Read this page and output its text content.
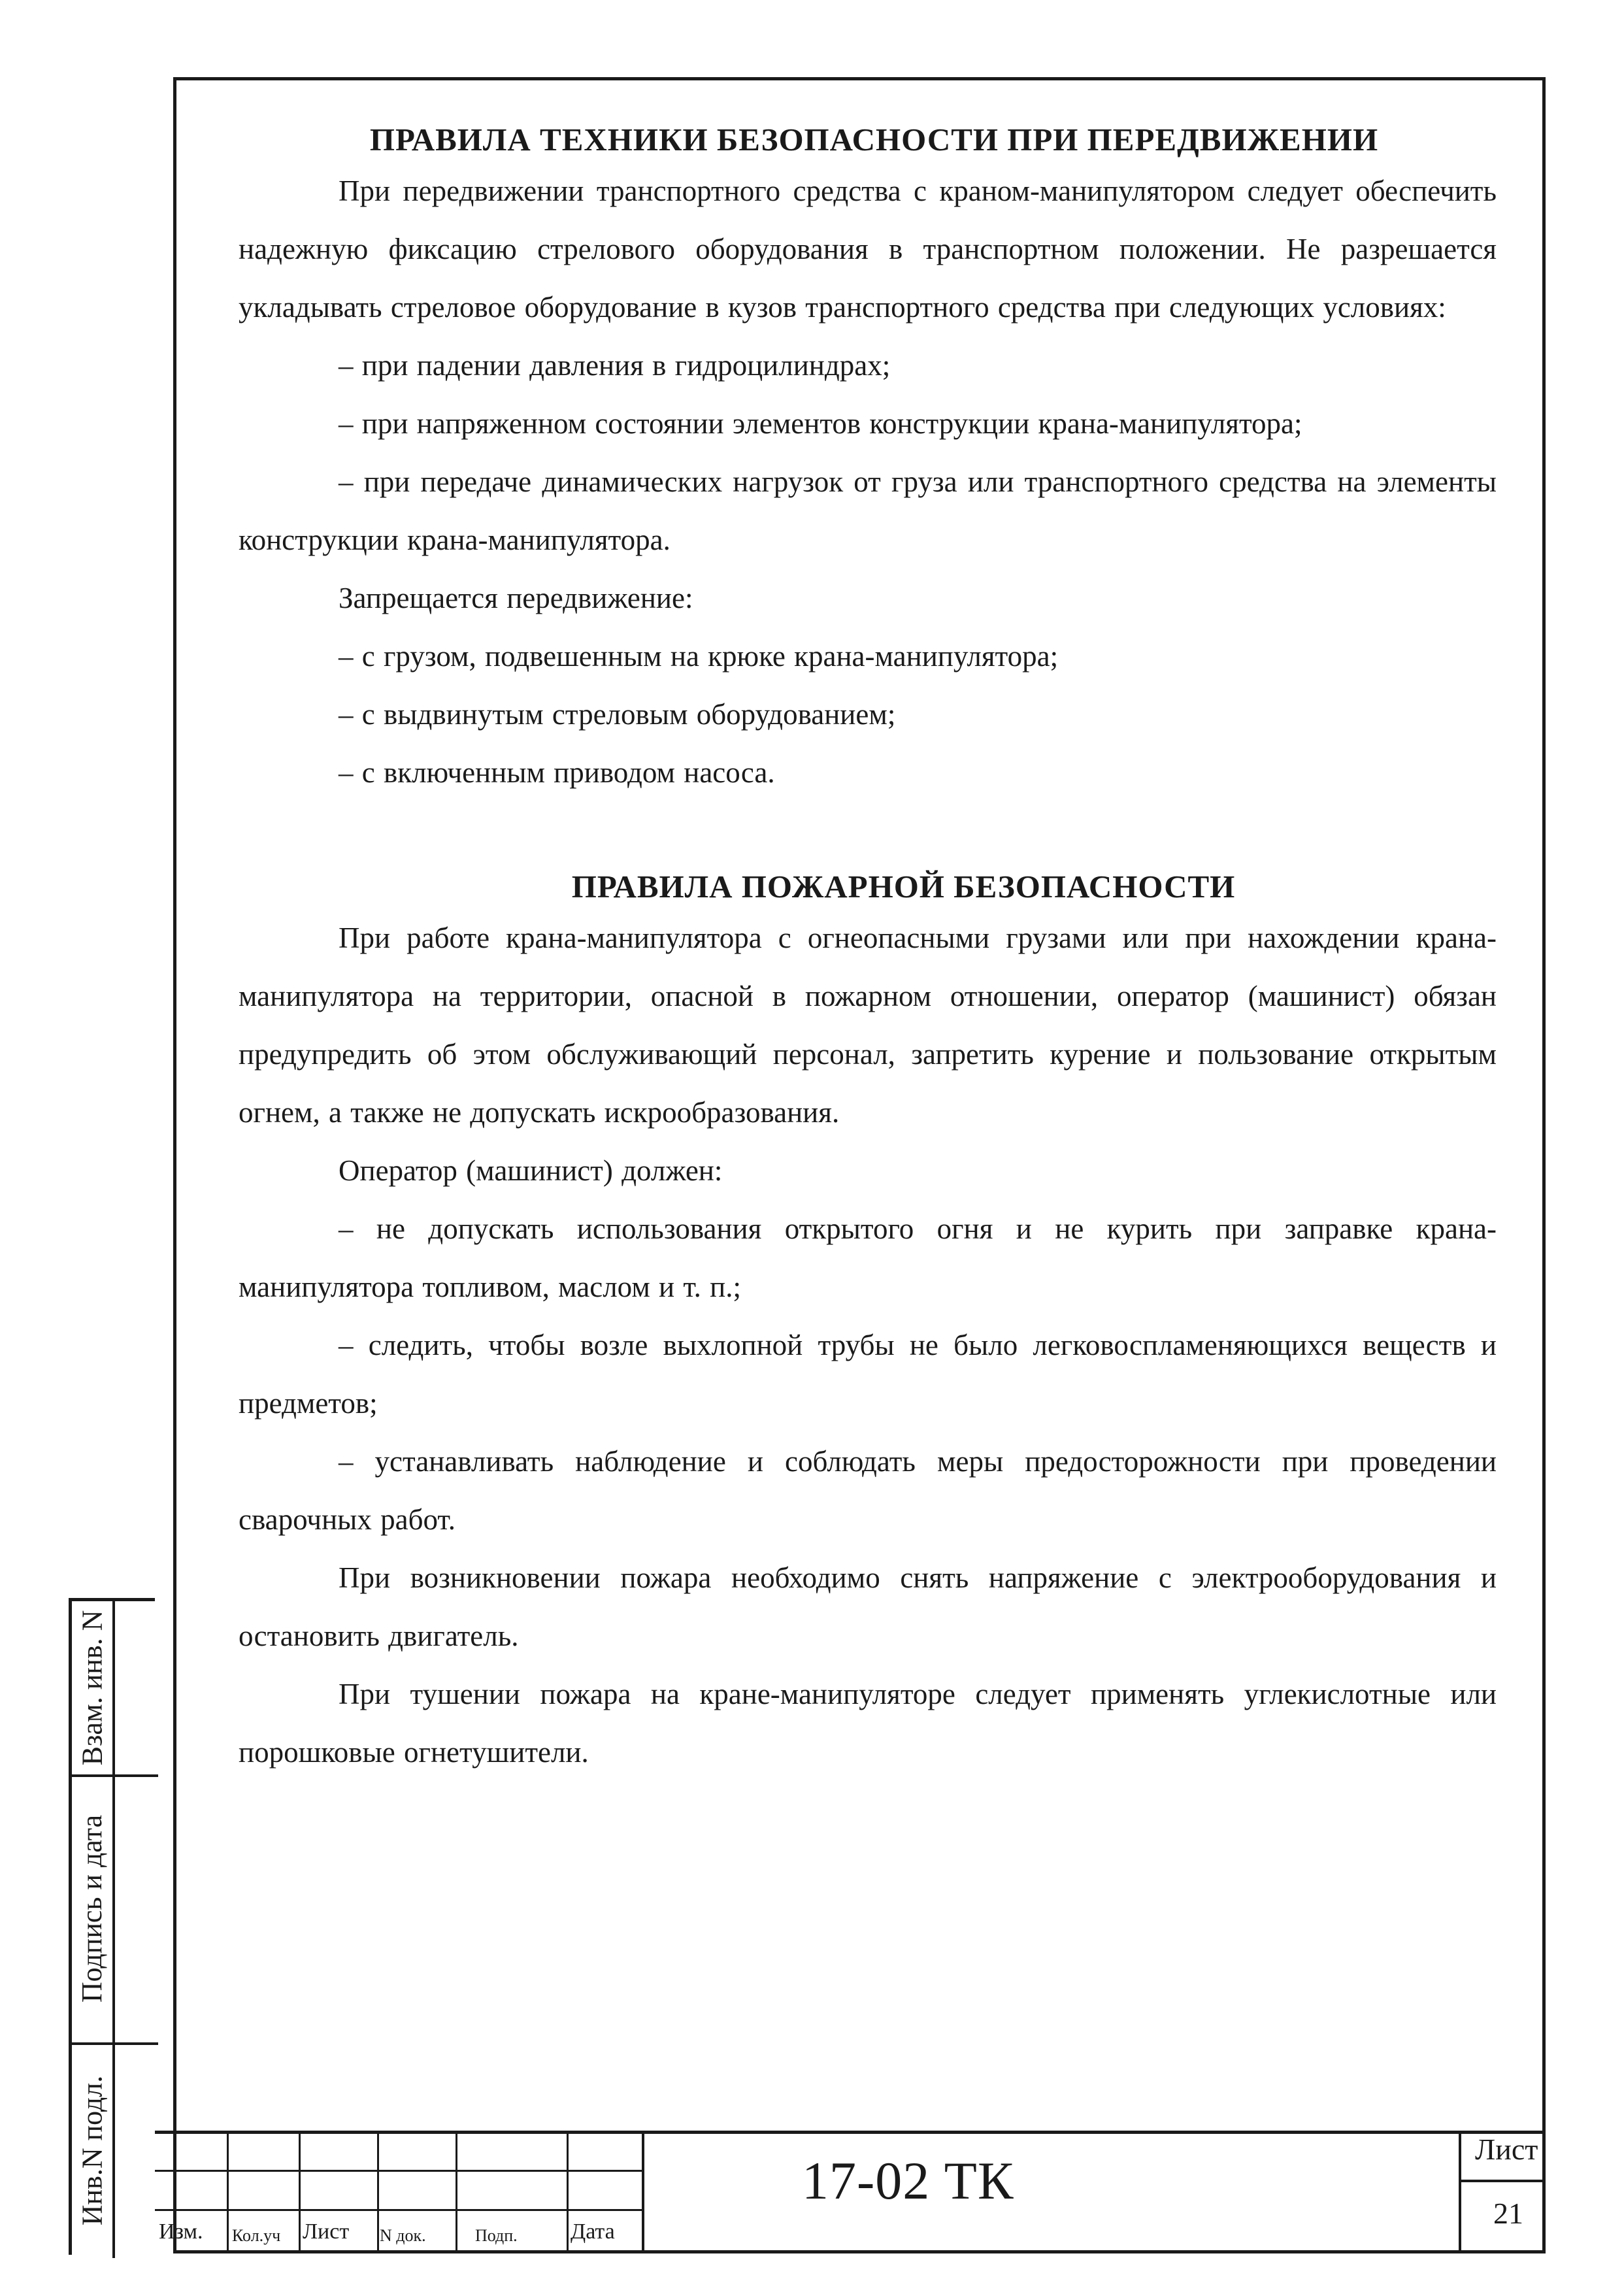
ПРАВИЛА ТЕХНИКИ БЕЗОПАСНОСТИ ПРИ ПЕРЕДВИЖЕНИИ

При передвижении транспортного средства с краном-манипулятором следует обеспечить надежную фиксацию стрелового оборудования в транспортном положении. Не разрешается укладывать стреловое оборудование в кузов транспортного средства при следующих условиях:

– при падении давления в гидроцилиндрах;

– при напряженном состоянии элементов конструкции крана-манипулятора;

– при передаче динамических нагрузок от груза или транспортного средства на элементы конструкции крана-манипулятора.

Запрещается передвижение:

– с грузом, подвешенным на крюке крана-манипулятора;

– с выдвинутым стреловым оборудованием;

– с включенным приводом насоса.

ПРАВИЛА ПОЖАРНОЙ БЕЗОПАСНОСТИ

При работе крана-манипулятора с огнеопасными грузами или при нахождении крана-манипулятора на территории, опасной в пожарном отношении, оператор (машинист) обязан предупредить об этом обслуживающий персонал, запретить курение и пользование открытым огнем, а также не допускать искрообразования.

Оператор (машинист) должен:

– не допускать использования открытого огня и не курить при заправке крана-манипулятора топливом, маслом и т. п.;

– следить, чтобы возле выхлопной трубы не было легковоспламеняющихся веществ и предметов;

– устанавливать наблюдение и соблюдать меры предосторожности при проведении сварочных работ.

При возникновении пожара необходимо снять напряжение с электрооборудования и остановить двигатель.

При тушении пожара на кране-манипуляторе следует применять углекислотные или порошковые огнетушители.

Взам. инв. N
Подпись и дата
Инв.N подл.
Изм. Кол.уч Лист N док.	Подп. Дата
17-02 ТК
Лист
21
